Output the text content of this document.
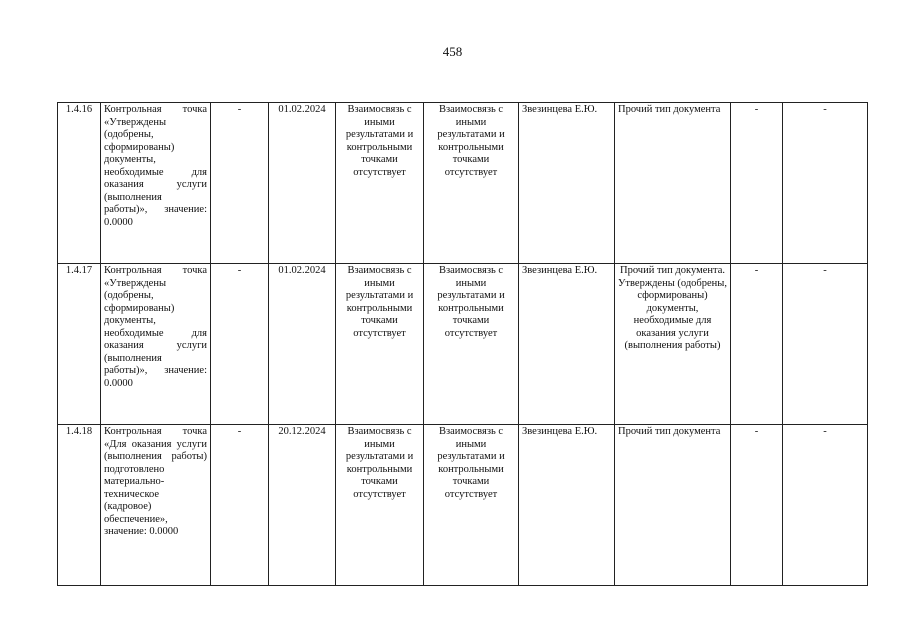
458
1.4.16	Контрольная точка «Утверждены (одобрены, сформированы) документы, необходимые для оказания услуги (выполнения работы)», значение: 0.0000	-	01.02.2024	Взаимосвязь с иными результатами и контрольными точками отсутствует	Взаимосвязь с иными результатами и контрольными точками отсутствует	Звезинцева Е.Ю.	Прочий тип документа	-	-
1.4.17	Контрольная точка «Утверждены (одобрены, сформированы) документы, необходимые для оказания услуги (выполнения работы)», значение: 0.0000	-	01.02.2024	Взаимосвязь с иными результатами и контрольными точками отсутствует	Взаимосвязь с иными результатами и контрольными точками отсутствует	Звезинцева Е.Ю.	Прочий тип документа. Утверждены (одобрены, сформированы) документы, необходимые для оказания услуги (выполнения работы)	-	-
1.4.18	Контрольная точка «Для оказания услуги (выполнения работы) подготовлено материально-техническое (кадровое) обеспечение», значение: 0.0000	-	20.12.2024	Взаимосвязь с иными результатами и контрольными точками отсутствует	Взаимосвязь с иными результатами и контрольными точками отсутствует	Звезинцева Е.Ю.	Прочий тип документа	-	-
